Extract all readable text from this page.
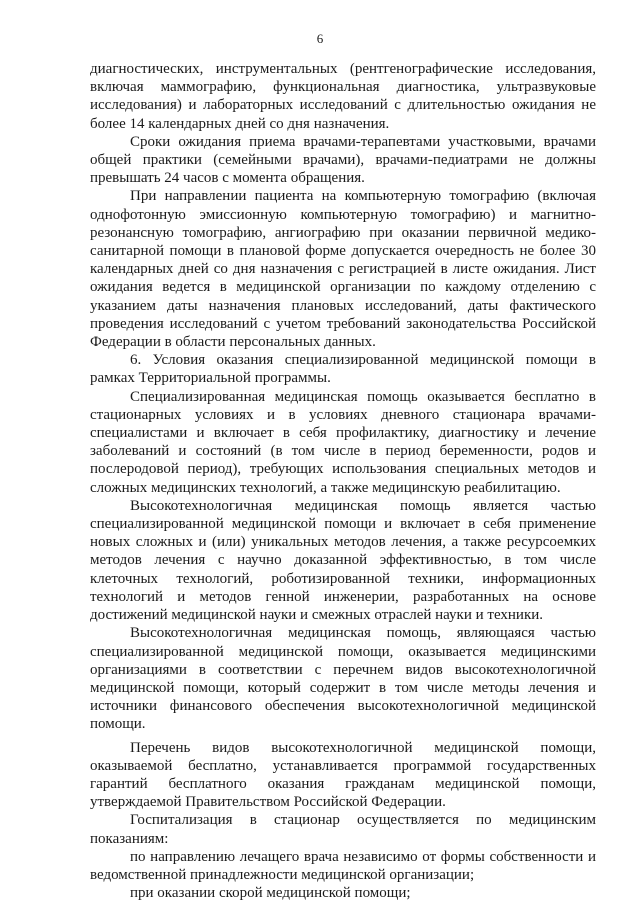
6

диагностических, инструментальных (рентгенографические исследования, включая маммографию, функциональная диагностика, ультразвуковые исследования) и лабораторных исследований с длительностью ожидания не более 14 календарных дней со дня назначения.

Сроки ожидания приема врачами-терапевтами участковыми, врачами общей практики (семейными врачами), врачами-педиатрами не должны превышать 24 часов с момента обращения.

При направлении пациента на компьютерную томографию (включая однофотонную эмиссионную компьютерную томографию) и магнитно-резонансную томографию, ангиографию при оказании первичной медико-санитарной помощи в плановой форме допускается очередность не более 30 календарных дней со дня назначения с регистрацией в листе ожидания. Лист ожидания ведется в медицинской организации по каждому отделению с указанием даты назначения плановых исследований, даты фактического проведения исследований с учетом требований законодательства Российской Федерации в области персональных данных.

6. Условия оказания специализированной медицинской помощи в рамках Территориальной программы.

Специализированная медицинская помощь оказывается бесплатно в стационарных условиях и в условиях дневного стационара врачами-специалистами и включает в себя профилактику, диагностику и лечение заболеваний и состояний (в том числе в период беременности, родов и послеродовой период), требующих использования специальных методов и сложных медицинских технологий, а также медицинскую реабилитацию.

Высокотехнологичная медицинская помощь является частью специализированной медицинской помощи и включает в себя применение новых сложных и (или) уникальных методов лечения, а также ресурсоемких методов лечения с научно доказанной эффективностью, в том числе клеточных технологий, роботизированной техники, информационных технологий и методов генной инженерии, разработанных на основе достижений медицинской науки и смежных отраслей науки и техники.

Высокотехнологичная медицинская помощь, являющаяся частью специализированной медицинской помощи, оказывается медицинскими организациями в соответствии с перечнем видов высокотехнологичной медицинской помощи, который содержит в том числе методы лечения и источники финансового обеспечения высокотехнологичной медицинской помощи.

Перечень видов высокотехнологичной медицинской помощи, оказываемой бесплатно, устанавливается программой государственных гарантий бесплатного оказания гражданам медицинской помощи, утверждаемой Правительством Российской Федерации.

Госпитализация в стационар осуществляется по медицинским показаниям:

по направлению лечащего врача независимо от формы собственности и ведомственной принадлежности медицинской организации;

при оказании скорой медицинской помощи;
